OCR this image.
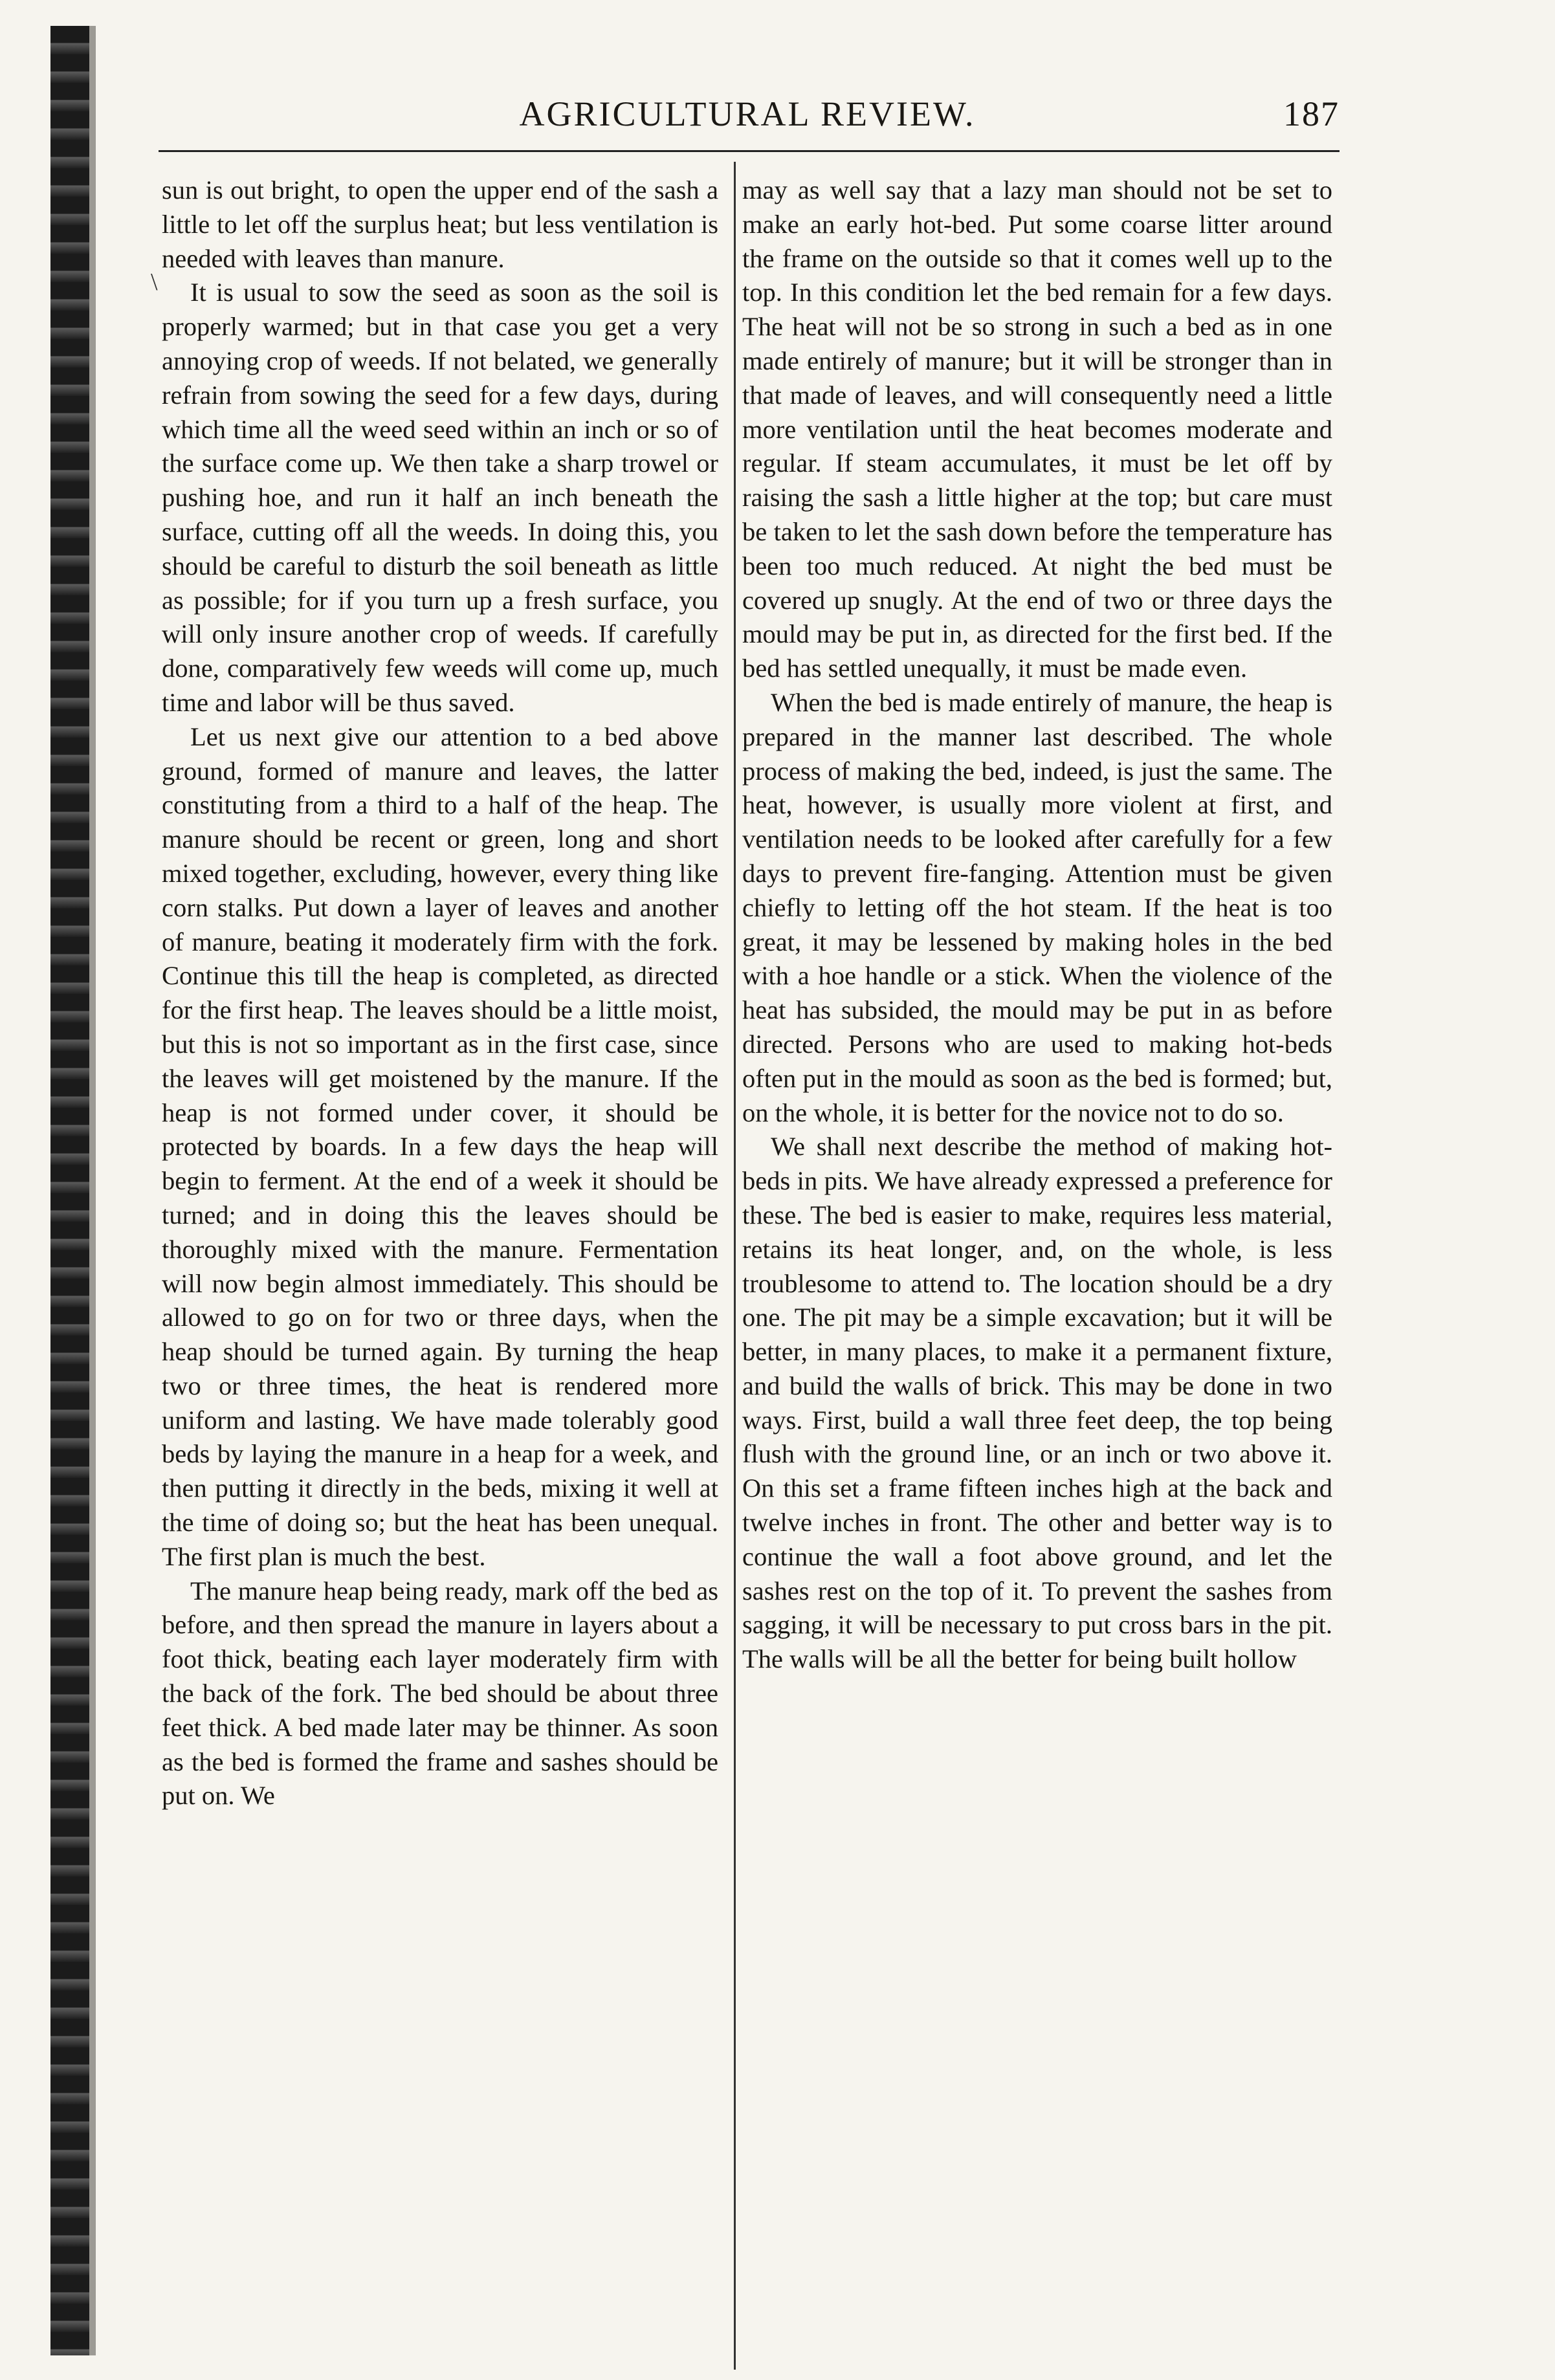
AGRICULTURAL REVIEW.	187
\

sun is out bright, to open the upper end of the sash a little to let off the surplus heat; but less ventilation is needed with leaves than manure.

It is usual to sow the seed as soon as the soil is properly warmed; but in that case you get a very annoying crop of weeds. If not belated, we generally refrain from sowing the seed for a few days, during which time all the weed seed within an inch or so of the surface come up. We then take a sharp trowel or pushing hoe, and run it half an inch beneath the surface, cutting off all the weeds. In doing this, you should be careful to disturb the soil beneath as little as possible; for if you turn up a fresh surface, you will only insure another crop of weeds. If carefully done, comparatively few weeds will come up, much time and labor will be thus saved.

Let us next give our attention to a bed above ground, formed of manure and leaves, the latter constituting from a third to a half of the heap. The manure should be recent or green, long and short mixed together, excluding, however, every thing like corn stalks. Put down a layer of leaves and another of manure, beating it moderately firm with the fork. Continue this till the heap is completed, as directed for the first heap. The leaves should be a little moist, but this is not so important as in the first case, since the leaves will get moistened by the manure. If the heap is not formed under cover, it should be protected by boards. In a few days the heap will begin to ferment. At the end of a week it should be turned; and in doing this the leaves should be thoroughly mixed with the manure. Fermentation will now begin almost immediately. This should be allowed to go on for two or three days, when the heap should be turned again. By turning the heap two or three times, the heat is rendered more uniform and lasting. We have made tolerably good beds by laying the manure in a heap for a week, and then putting it directly in the beds, mixing it well at the time of doing so; but the heat has been unequal. The first plan is much the best.

The manure heap being ready, mark off the bed as before, and then spread the manure in layers about a foot thick, beating each layer moderately firm with the back of the fork. The bed should be about three feet thick. A bed made later may be thinner. As soon as the bed is formed the frame and sashes should be put on. We

may as well say that a lazy man should not be set to make an early hot-bed. Put some coarse litter around the frame on the outside so that it comes well up to the top. In this condition let the bed remain for a few days. The heat will not be so strong in such a bed as in one made entirely of manure; but it will be stronger than in that made of leaves, and will consequently need a little more ventilation until the heat becomes moderate and regular. If steam accumulates, it must be let off by raising the sash a little higher at the top; but care must be taken to let the sash down before the temperature has been too much reduced. At night the bed must be covered up snugly. At the end of two or three days the mould may be put in, as directed for the first bed. If the bed has settled unequally, it must be made even.

When the bed is made entirely of manure, the heap is prepared in the manner last described. The whole process of making the bed, indeed, is just the same. The heat, however, is usually more violent at first, and ventilation needs to be looked after carefully for a few days to prevent fire-fanging. Attention must be given chiefly to letting off the hot steam. If the heat is too great, it may be lessened by making holes in the bed with a hoe handle or a stick. When the violence of the heat has subsided, the mould may be put in as before directed. Persons who are used to making hot-beds often put in the mould as soon as the bed is formed; but, on the whole, it is better for the novice not to do so.

We shall next describe the method of making hot-beds in pits. We have already expressed a preference for these. The bed is easier to make, requires less material, retains its heat longer, and, on the whole, is less troublesome to attend to. The location should be a dry one. The pit may be a simple excavation; but it will be better, in many places, to make it a permanent fixture, and build the walls of brick. This may be done in two ways. First, build a wall three feet deep, the top being flush with the ground line, or an inch or two above it. On this set a frame fifteen inches high at the back and twelve inches in front. The other and better way is to continue the wall a foot above ground, and let the sashes rest on the top of it. To prevent the sashes from sagging, it will be necessary to put cross bars in the pit. The walls will be all the better for being built hollow
